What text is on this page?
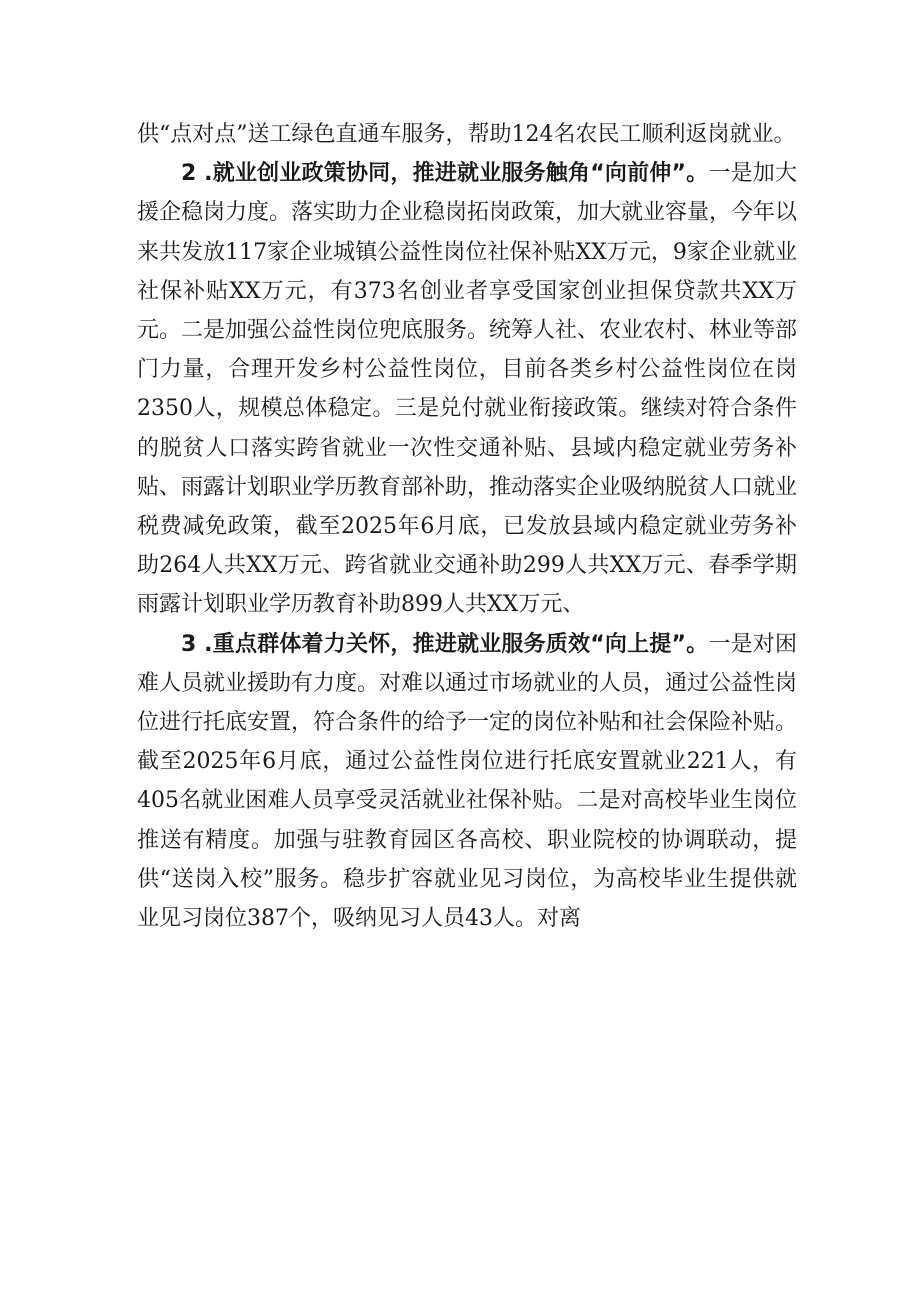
供“点对点”送工绿色直通车服务，帮助124名农民工顺利返岗就业。

2 .就业创业政策协同，推进就业服务触角“向前伸”。一是加大援企稳岗力度。落实助力企业稳岗拓岗政策，加大就业容量，今年以来共发放117家企业城镇公益性岗位社保补贴XX万元，9家企业就业社保补贴XX万元，有373名创业者享受国家创业担保贷款共XX万元。二是加强公益性岗位兜底服务。统筹人社、农业农村、林业等部门力量，合理开发乡村公益性岗位，目前各类乡村公益性岗位在岗2350人，规模总体稳定。三是兑付就业衔接政策。继续对符合条件的脱贫人口落实跨省就业一次性交通补贴、县域内稳定就业劳务补贴、雨露计划职业学历教育部补助，推动落实企业吸纳脱贫人口就业税费减免政策，截至2025年6月底，已发放县域内稳定就业劳务补助264人共XX万元、跨省就业交通补助299人共XX万元、春季学期雨露计划职业学历教育补助899人共XX万元、

3 .重点群体着力关怀，推进就业服务质效“向上提”。一是对困难人员就业援助有力度。对难以通过市场就业的人员，通过公益性岗位进行托底安置，符合条件的给予一定的岗位补贴和社会保险补贴。截至2025年6月底，通过公益性岗位进行托底安置就业221人，有405名就业困难人员享受灵活就业社保补贴。二是对高校毕业生岗位推送有精度。加强与驻教育园区各高校、职业院校的协调联动，提供“送岗入校”服务。稳步扩容就业见习岗位，为高校毕业生提供就业见习岗位387个，吸纳见习人员43人。对离
